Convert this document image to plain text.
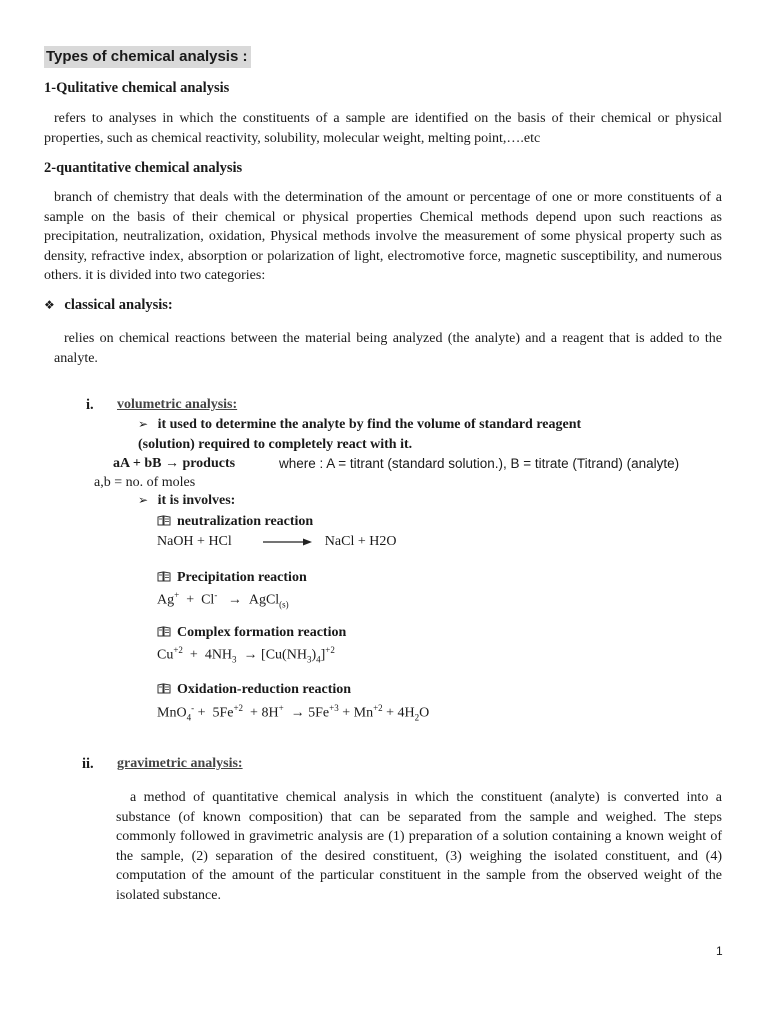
Types of chemical analysis :
1-Qulitative chemical analysis
refers to analyses in which the constituents of a sample are identified on the basis of their chemical or physical properties, such as chemical reactivity, solubility, molecular weight, melting point,….etc
2-quantitative chemical analysis
branch of chemistry that deals with the determination of the amount or percentage of one or more constituents of a sample on the basis of their chemical or physical properties Chemical methods depend upon such reactions as precipitation, neutralization, oxidation, Physical methods involve the measurement of some physical property such as density, refractive index, absorption or polarization of light, electromotive force, magnetic susceptibility, and numerous others. it is divided into two categories:
❖ classical analysis:
relies on chemical reactions between the material being analyzed (the analyte) and a reagent that is added to the analyte.
i. volumetric analysis:
➢ it used to determine the analyte by find the volume of standard reagent
(solution) required to completely react with it.
aA + bB → products	where : A = titrant (standard solution.), B = titrate (Titrand) (analyte)
a,b = no. of moles
➢ it is involves:
neutralization reaction
NaOH + HCl	NaCl + H2O
Precipitation reaction
Ag+  +  Cl-   →  AgCl$_{(s)}$
Complex formation reaction
$Cu^{+2} + 4NH_3 \to [Cu(NH_3)_4]^{+2}$
Oxidation-reduction reaction
$MnO_4^- + 5Fe^{+2} + 8H^+ \to 5Fe^{+3} + Mn^{+2} + 4H_2O$
ii. gravimetric analysis:
a method of quantitative chemical analysis in which the constituent (analyte) is converted into a substance (of known composition) that can be separated from the sample and weighed. The steps commonly followed in gravimetric analysis are (1) preparation of a solution containing a known weight of the sample, (2) separation of the desired constituent, (3) weighing the isolated constituent, and (4) computation of the amount of the particular constituent in the sample from the observed weight of the isolated substance.
1
